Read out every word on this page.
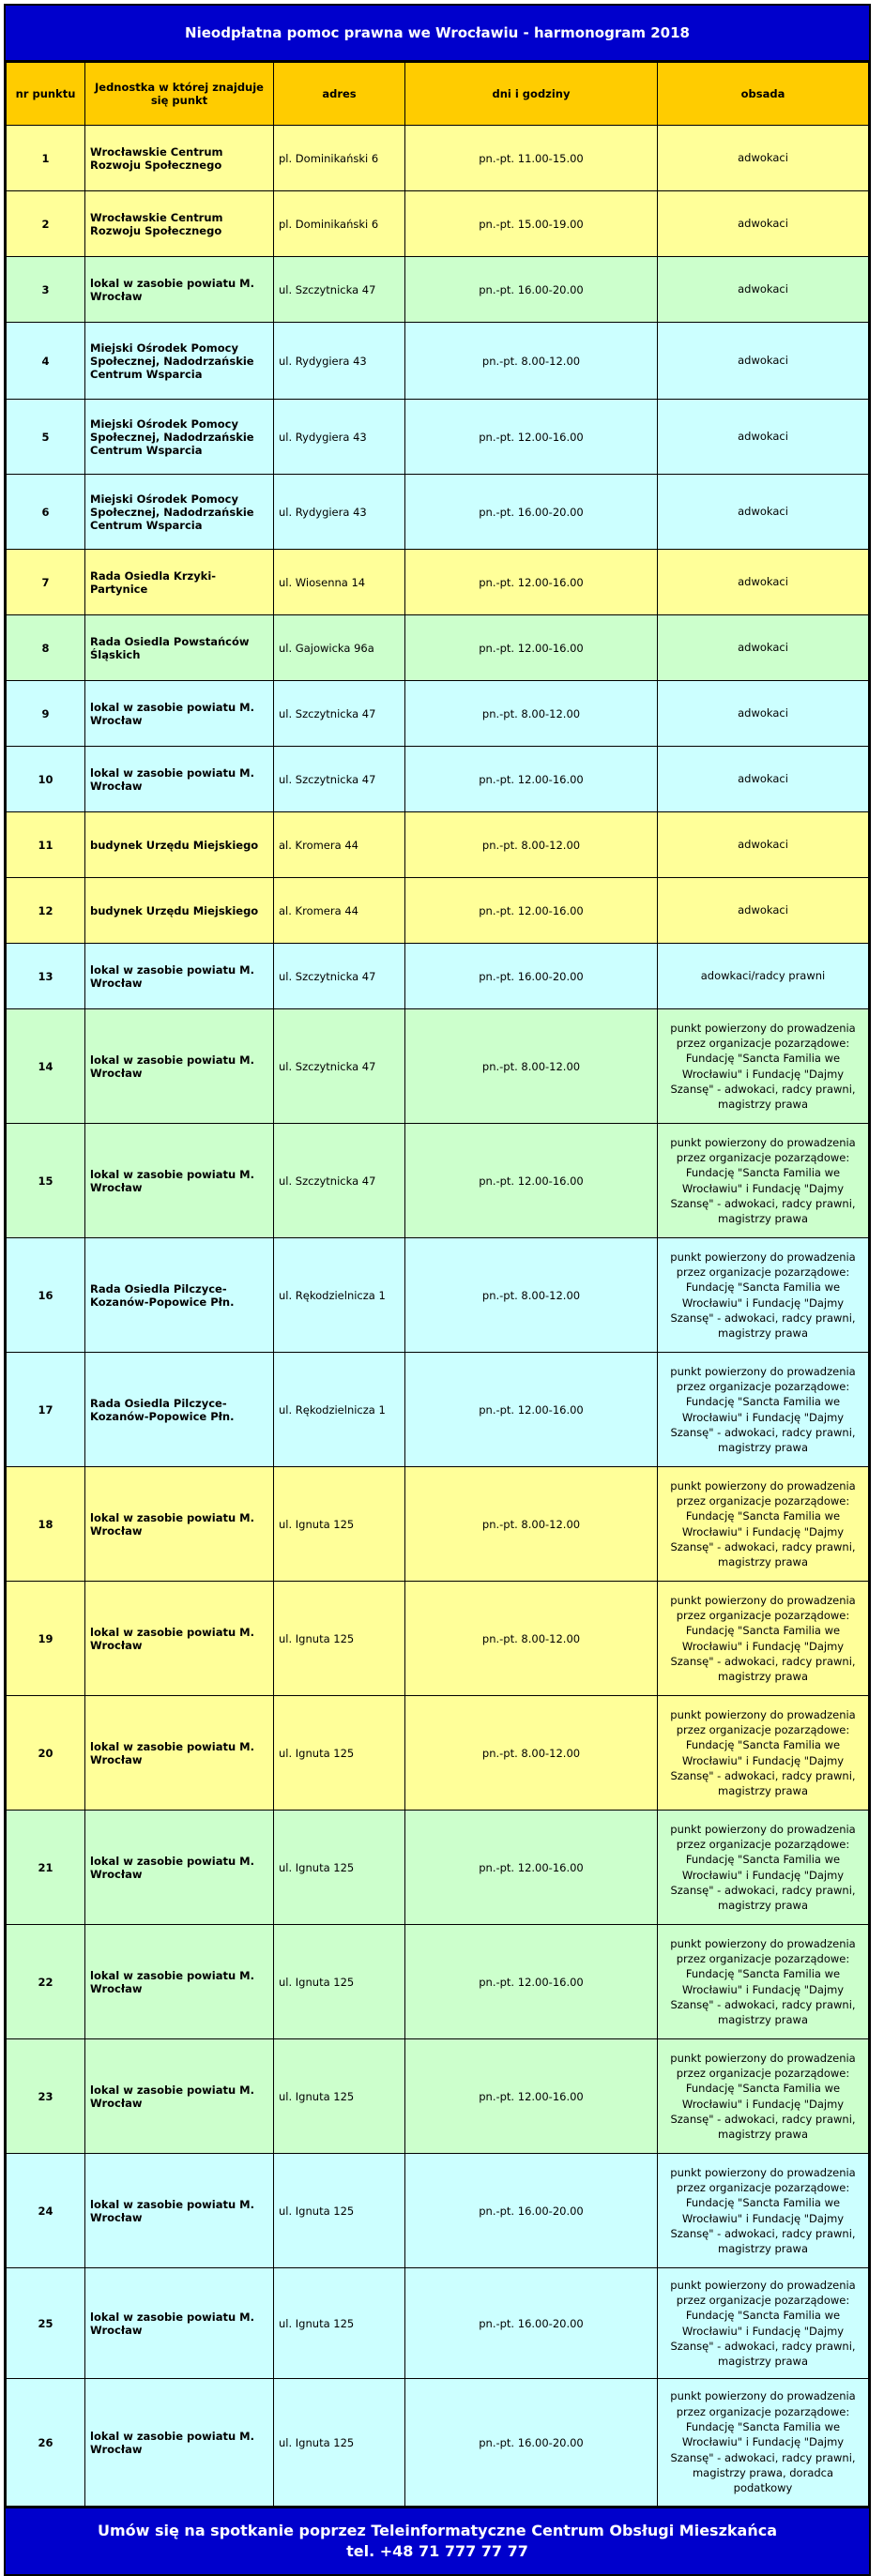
Nieodpłatna pomoc prawna we Wrocławiu - harmonogram 2018
nr punktu	Jednostka w której znajduje się punkt	adres	dni i godziny	obsada
1	Wrocławskie Centrum Rozwoju Społecznego	pl. Dominikański 6	pn.-pt. 11.00-15.00	adwokaci
2	Wrocławskie Centrum Rozwoju Społecznego	pl. Dominikański 6	pn.-pt. 15.00-19.00	adwokaci
3	lokal w zasobie powiatu M. Wrocław	ul. Szczytnicka 47	pn.-pt. 16.00-20.00	adwokaci
4	Miejski Ośrodek Pomocy Społecznej, Nadodrzańskie Centrum Wsparcia	ul. Rydygiera 43	pn.-pt. 8.00-12.00	adwokaci
5	Miejski Ośrodek Pomocy Społecznej, Nadodrzańskie Centrum Wsparcia	ul. Rydygiera 43	pn.-pt. 12.00-16.00	adwokaci
6	Miejski Ośrodek Pomocy Społecznej, Nadodrzańskie Centrum Wsparcia	ul. Rydygiera 43	pn.-pt. 16.00-20.00	adwokaci
7	Rada Osiedla Krzyki-Partynice	ul. Wiosenna 14	pn.-pt. 12.00-16.00	adwokaci
8	Rada Osiedla Powstańców Śląskich	ul. Gajowicka 96a	pn.-pt. 12.00-16.00	adwokaci
9	lokal w zasobie powiatu M. Wrocław	ul. Szczytnicka 47	pn.-pt. 8.00-12.00	adwokaci
10	lokal w zasobie powiatu M. Wrocław	ul. Szczytnicka 47	pn.-pt. 12.00-16.00	adwokaci
11	budynek Urzędu Miejskiego	al. Kromera 44	pn.-pt. 8.00-12.00	adwokaci
12	budynek Urzędu Miejskiego	al. Kromera 44	pn.-pt. 12.00-16.00	adwokaci
13	lokal w zasobie powiatu M. Wrocław	ul. Szczytnicka 47	pn.-pt. 16.00-20.00	adowkaci/radcy prawni
14	lokal w zasobie powiatu M. Wrocław	ul. Szczytnicka 47	pn.-pt. 8.00-12.00	punkt powierzony do prowadzenia przez organizacje pozarządowe: Fundację "Sancta Familia we Wrocławiu" i Fundację "Dajmy Szansę" - adwokaci, radcy prawni, magistrzy prawa
15	lokal w zasobie powiatu M. Wrocław	ul. Szczytnicka 47	pn.-pt. 12.00-16.00	punkt powierzony do prowadzenia przez organizacje pozarządowe: Fundację "Sancta Familia we Wrocławiu" i Fundację "Dajmy Szansę" - adwokaci, radcy prawni, magistrzy prawa
16	Rada Osiedla Pilczyce-Kozanów-Popowice Płn.	ul. Rękodzielnicza 1	pn.-pt. 8.00-12.00	punkt powierzony do prowadzenia przez organizacje pozarządowe: Fundację "Sancta Familia we Wrocławiu" i Fundację "Dajmy Szansę" - adwokaci, radcy prawni, magistrzy prawa
17	Rada Osiedla Pilczyce-Kozanów-Popowice Płn.	ul. Rękodzielnicza 1	pn.-pt. 12.00-16.00	punkt powierzony do prowadzenia przez organizacje pozarządowe: Fundację "Sancta Familia we Wrocławiu" i Fundację "Dajmy Szansę" - adwokaci, radcy prawni, magistrzy prawa
18	lokal w zasobie powiatu M. Wrocław	ul. Ignuta 125	pn.-pt. 8.00-12.00	punkt powierzony do prowadzenia przez organizacje pozarządowe: Fundację "Sancta Familia we Wrocławiu" i Fundację "Dajmy Szansę" - adwokaci, radcy prawni, magistrzy prawa
19	lokal w zasobie powiatu M. Wrocław	ul. Ignuta 125	pn.-pt. 8.00-12.00	punkt powierzony do prowadzenia przez organizacje pozarządowe: Fundację "Sancta Familia we Wrocławiu" i Fundację "Dajmy Szansę" - adwokaci, radcy prawni, magistrzy prawa
20	lokal w zasobie powiatu M. Wrocław	ul. Ignuta 125	pn.-pt. 8.00-12.00	punkt powierzony do prowadzenia przez organizacje pozarządowe: Fundację "Sancta Familia we Wrocławiu" i Fundację "Dajmy Szansę" - adwokaci, radcy prawni, magistrzy prawa
21	lokal w zasobie powiatu M. Wrocław	ul. Ignuta 125	pn.-pt. 12.00-16.00	punkt powierzony do prowadzenia przez organizacje pozarządowe: Fundację "Sancta Familia we Wrocławiu" i Fundację "Dajmy Szansę" - adwokaci, radcy prawni, magistrzy prawa
22	lokal w zasobie powiatu M. Wrocław	ul. Ignuta 125	pn.-pt. 12.00-16.00	punkt powierzony do prowadzenia przez organizacje pozarządowe: Fundację "Sancta Familia we Wrocławiu" i Fundację "Dajmy Szansę" - adwokaci, radcy prawni, magistrzy prawa
23	lokal w zasobie powiatu M. Wrocław	ul. Ignuta 125	pn.-pt. 12.00-16.00	punkt powierzony do prowadzenia przez organizacje pozarządowe: Fundację "Sancta Familia we Wrocławiu" i Fundację "Dajmy Szansę" - adwokaci, radcy prawni, magistrzy prawa
24	lokal w zasobie powiatu M. Wrocław	ul. Ignuta 125	pn.-pt. 16.00-20.00	punkt powierzony do prowadzenia przez organizacje pozarządowe: Fundację "Sancta Familia we Wrocławiu" i Fundację "Dajmy Szansę" - adwokaci, radcy prawni, magistrzy prawa
25	lokal w zasobie powiatu M. Wrocław	ul. Ignuta 125	pn.-pt. 16.00-20.00	punkt powierzony do prowadzenia przez organizacje pozarządowe: Fundację "Sancta Familia we Wrocławiu" i Fundację "Dajmy Szansę" - adwokaci, radcy prawni, magistrzy prawa
26	lokal w zasobie powiatu M. Wrocław	ul. Ignuta 125	pn.-pt. 16.00-20.00	punkt powierzony do prowadzenia przez organizacje pozarządowe: Fundację "Sancta Familia we Wrocławiu" i Fundację "Dajmy Szansę" - adwokaci, radcy prawni, magistrzy prawa, doradca podatkowy
Umów się na spotkanie poprzez Teleinformatyczne Centrum Obsługi Mieszkańca
tel. +48 71 777 77 77
